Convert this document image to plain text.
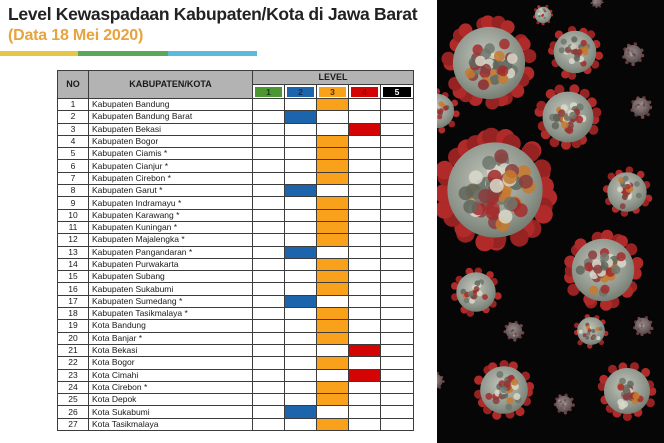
Level Kewaspadaan Kabupaten/Kota di Jawa Barat
(Data 18 Mei 2020)
NO	KABUPATEN/KOTA	LEVEL				

		1	2	3	4	5

1	Kabupaten Bandung					
2	Kabupaten Bandung Barat					
3	Kabupaten Bekasi					
4	Kabupaten Bogor					
5	Kabupaten Ciamis *					
6	Kabupaten Cianjur *					
7	Kabupaten Cirebon *					
8	Kabupaten Garut *					
9	Kabupaten Indramayu *					
10	Kabupaten Karawang *					
11	Kabupaten Kuningan *					
12	Kabupaten Majalengka *					
13	Kabupaten Pangandaran *					
14	Kabupaten Purwakarta					
15	Kabupaten Subang					
16	Kabupaten Sukabumi					
17	Kabupaten Sumedang *					
18	Kabupaten Tasikmalaya *					
19	Kota Bandung					
20	Kota Banjar *					
21	Kota Bekasi					
22	Kota Bogor					
23	Kota Cimahi					
24	Kota Cirebon *					
25	Kota Depok					
26	Kota Sukabumi					
27	Kota Tasikmalaya					
